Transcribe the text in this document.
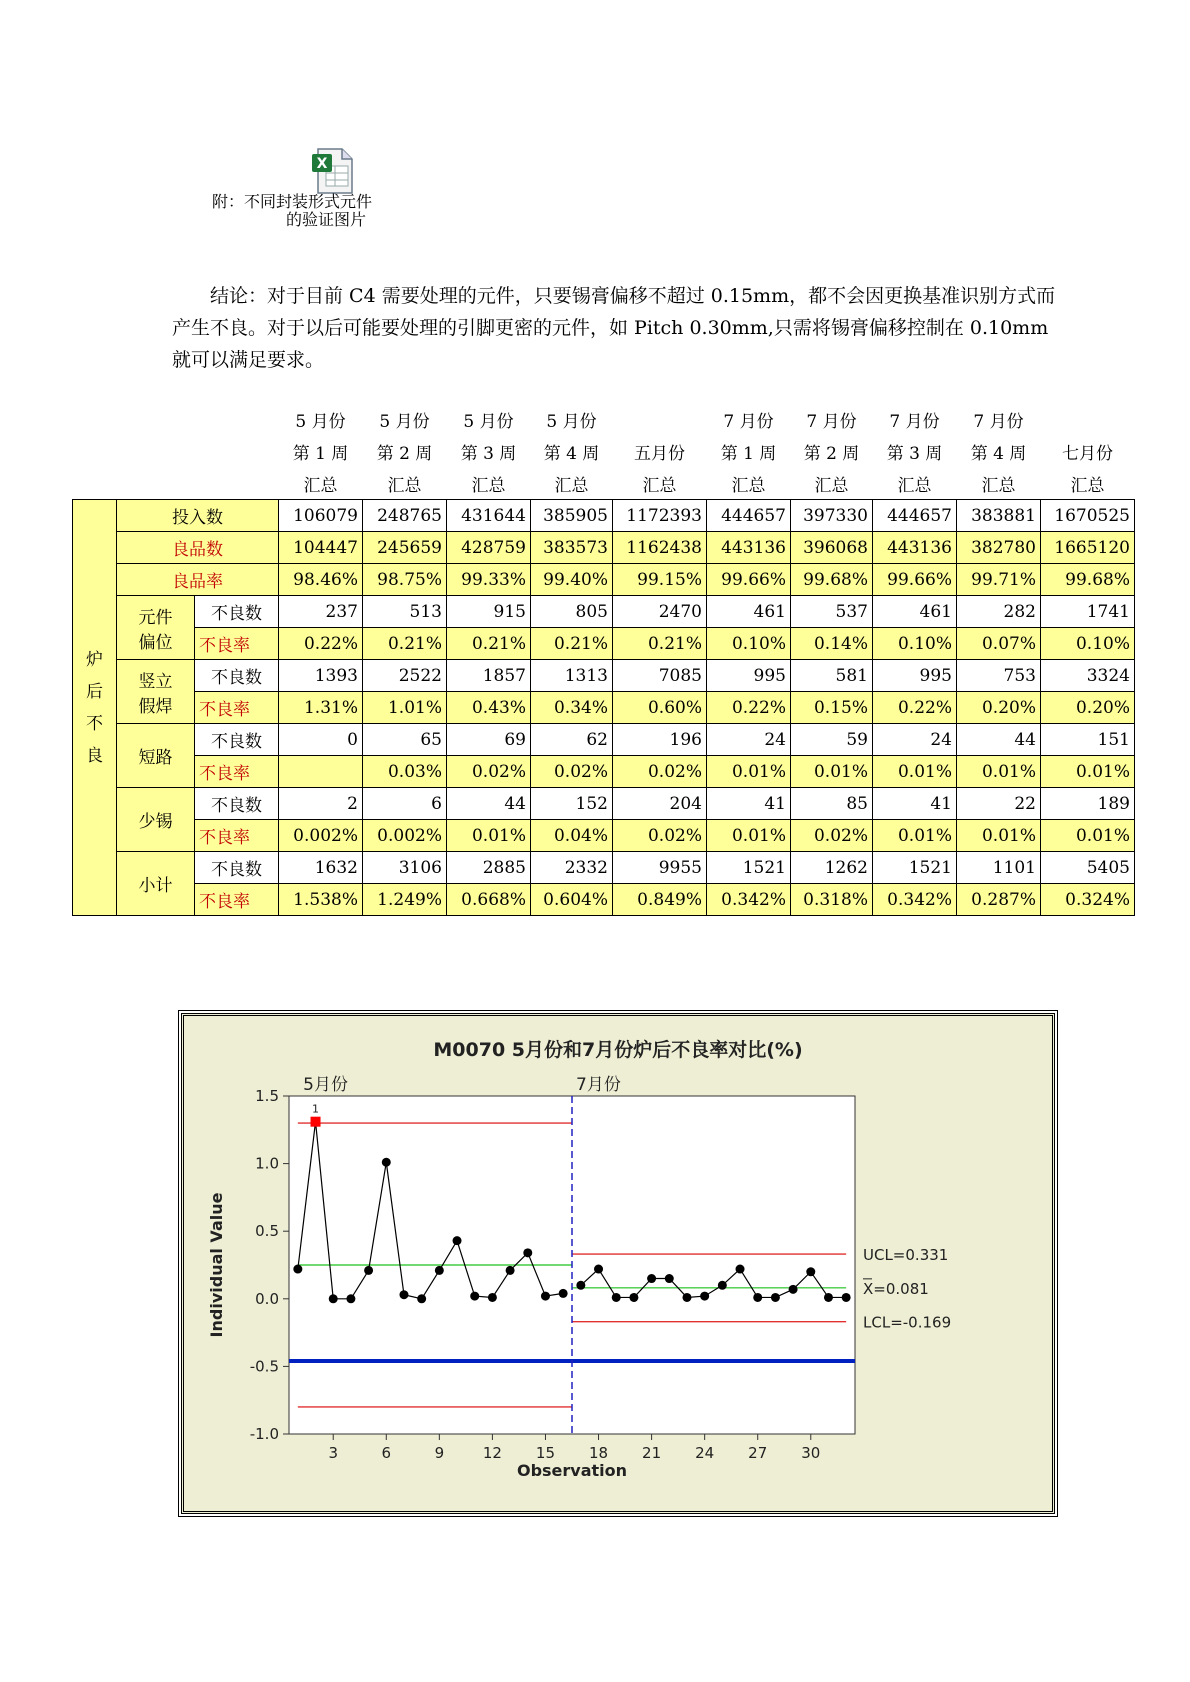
X
附：不同封装形式元件
的验证图片

结论：对于目前 C4 需要处理的元件，只要锡膏偏移不超过 0.15mm，都不会因更换基准识别方式而产生不良。对于以后可能要处理的引脚更密的元件，如 Pitch 0.30mm,只需将锡膏偏移控制在 0.10mm 就可以满足要求。

			5 月份	5 月份	5 月份	5 月份		7 月份	7 月份	7 月份	7 月份	
			第 1 周	第 2 周	第 3 周	第 4 周	五月份	第 1 周	第 2 周	第 3 周	第 4 周	七月份
			汇总	汇总	汇总	汇总	汇总	汇总	汇总	汇总	汇总	汇总

炉
后
不
良	投入数		106079	248765	431644	385905	1172393	444657	397330	444657	383881	1670525
	良品数		104447	245659	428759	383573	1162438	443136	396068	443136	382780	1665120
	良品率		98.46%	98.75%	99.33%	99.40%	99.15%	99.66%	99.68%	99.66%	99.71%	99.68%

	元件
偏位	不良数	237	513	915	805	2470	461	537	461	282	1741
		不良率	0.22%	0.21%	0.21%	0.21%	0.21%	0.10%	0.14%	0.10%	0.07%	0.10%

	竖立
假焊	不良数	1393	2522	1857	1313	7085	995	581	995	753	3324
		不良率	1.31%	1.01%	0.43%	0.34%	0.60%	0.22%	0.15%	0.22%	0.20%	0.20%

	短路	不良数	0	65	69	62	196	24	59	24	44	151
		不良率		0.03%	0.02%	0.02%	0.02%	0.01%	0.01%	0.01%	0.01%	0.01%

	少锡	不良数	2	6	44	152	204	41	85	41	22	189
		不良率	0.002%	0.002%	0.01%	0.04%	0.02%	0.01%	0.02%	0.01%	0.01%	0.01%

	小计	不良数	1632	3106	2885	2332	9955	1521	1262	1521	1101	5405
		不良率	1.538%	1.249%	0.668%	0.604%	0.849%	0.342%	0.318%	0.342%	0.287%	0.324%
M0070 5月份和7月份炉后不良率对比(%)
5月份	7月份
1.5
1.0
0.5
0.0
-0.5
-1.0
3	6	9	12 15 18 21 24 27 30
Observation
Individual Value
1
UCL=0.331
X=0.081
LCL=-0.169
